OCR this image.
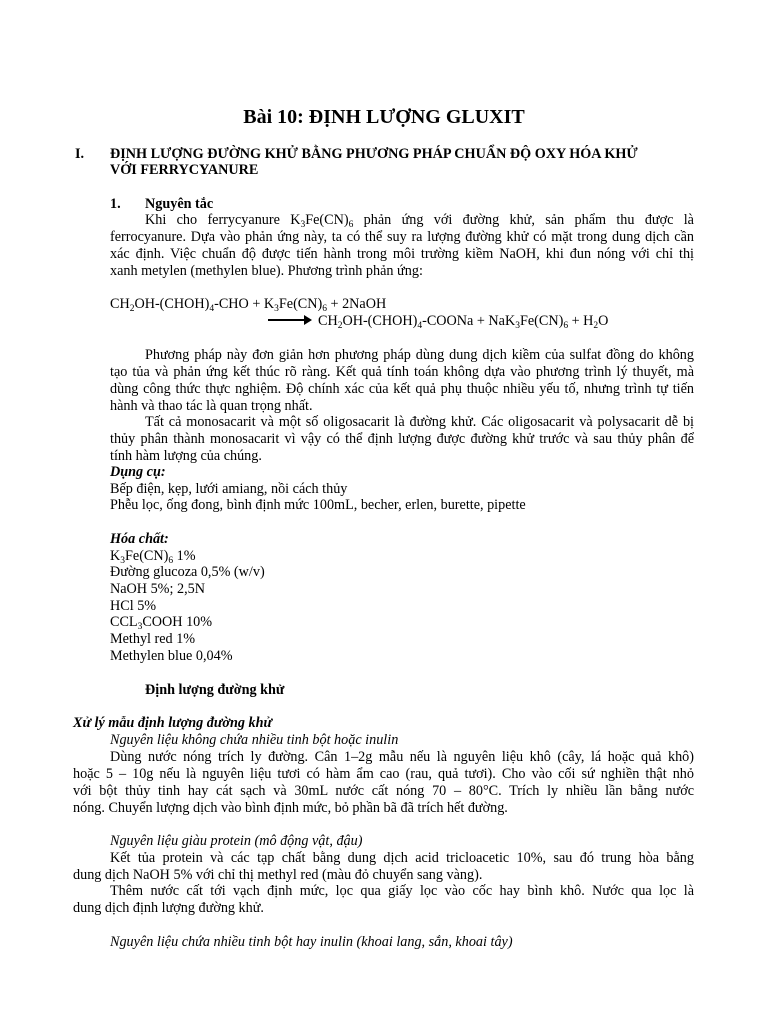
Bài 10: ĐỊNH LƯỢNG GLUXIT
I. ĐỊNH LƯỢNG ĐƯỜNG KHỬ BẰNG PHƯƠNG PHÁP CHUẨN ĐỘ OXY HÓA KHỬ
VỚI FERRYCYANURE
1. Nguyên tắc
Khi cho ferrycyanure $K_3Fe(CN)_6$ phản ứng với đường khử, sản phẩm thu được là
ferrocyanure. Dựa vào phản ứng này, ta có thể suy ra lượng đường khử có mặt trong dung dịch cần
xác định. Việc chuẩn độ được tiến hành trong môi trường kiềm NaOH, khi đun nóng với chỉ thị
xanh metylen (methylen blue). Phương trình phản ứng:
$CH_2OH-(CHOH)_4$-CHO + $K_3Fe(CN)_6$ + 2NaOH
→ $CH_2OH-(CHOH)_4$-COONa + $NaK_3Fe(CN)_6 + H_2O$
Phương pháp này đơn giản hơn phương pháp dùng dung dịch kiềm của sulfat đồng do không
tạo tủa và phản ứng kết thúc rõ ràng. Kết quả tính toán không dựa vào phương trình lý thuyết, mà
dùng công thức thực nghiệm. Độ chính xác của kết quả phụ thuộc nhiều yếu tố, nhưng trình tự tiến
hành và thao tác là quan trọng nhất.
Tất cả monosacarit và một số oligosacarit là đường khử. Các oligosacarit và polysacarit dễ bị
thủy phân thành monosacarit vì vậy có thể định lượng được đường khử trước và sau thủy phân để
tính hàm lượng của chúng.
Dụng cụ:
Bếp điện, kẹp, lưới amiang, nồi cách thủy
Phễu lọc, ống đong, bình định mức 100mL, becher, erlen, burette, pipette
Hóa chất:
$K_3Fe(CN)_6$ 1%
Đường glucoza 0,5% (w/v)
NaOH 5%; 2,5N
HCl 5%
$CCL_3COOH$ 10%
Methyl red 1%
Methylen blue 0,04%
Định lượng đường khử
Xử lý mẫu định lượng đường khử
Nguyên liệu không chứa nhiều tinh bột hoặc inulin
Dùng nước nóng trích ly đường. Cân 1–2g mẫu nếu là nguyên liệu khô (cây, lá hoặc quả khô)
hoặc 5 – 10g nếu là nguyên liệu tươi có hàm ẩm cao (rau, quả tươi). Cho vào cối sứ nghiền thật nhỏ
với bột thủy tinh hay cát sạch và 30mL nước cất nóng 70 – 80°C. Trích ly nhiều lần bằng nước
nóng. Chuyển lượng dịch vào bình định mức, bỏ phần bã đã trích hết đường.
Nguyên liệu giàu protein (mô động vật, đậu)
Kết tủa protein và các tạp chất bằng dung dịch acid tricloacetic 10%, sau đó trung hòa bằng
dung dịch NaOH 5% với chỉ thị methyl red (màu đỏ chuyển sang vàng).
Thêm nước cất tới vạch định mức, lọc qua giấy lọc vào cốc hay bình khô. Nước qua lọc là
dung dịch định lượng đường khử.
Nguyên liệu chứa nhiều tinh bột hay inulin (khoai lang, sắn, khoai tây)
